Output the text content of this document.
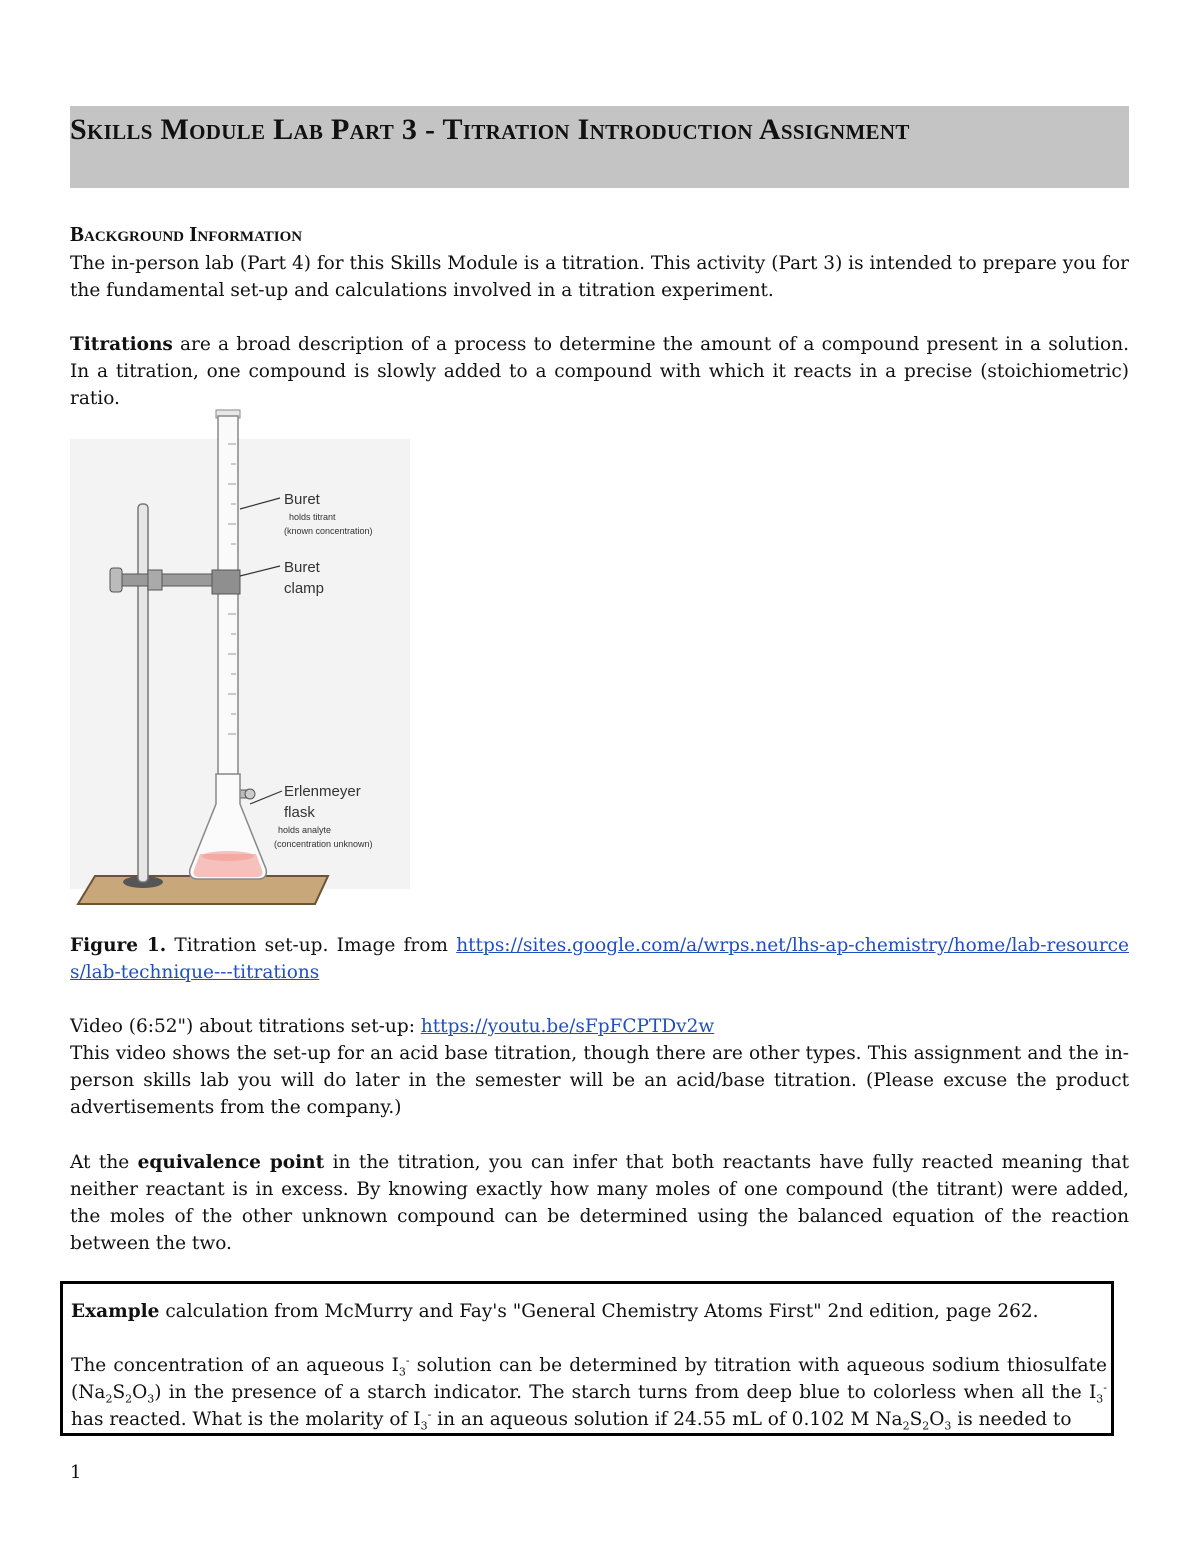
Skills Module Lab Part 3 - Titration Introduction Assignment
Background Information

The in-person lab (Part 4) for this Skills Module is a titration. This activity (Part 3) is intended to prepare you for the fundamental set-up and calculations involved in a titration experiment.

Titrations are a broad description of a process to determine the amount of a compound present in a solution. In a titration, one compound is slowly added to a compound with which it reacts in a precise (stoichiometric) ratio.

Buret
holds titrant
(known concentration)
Buret
clamp
Erlenmeyer
flask
holds analyte
(concentration unknown)

Figure 1. Titration set-up. Image from https://sites.google.com/a/wrps.net/lhs-ap-chemistry/home/lab-resources/lab-technique---titrations

Video (6:52") about titrations set-up: https://youtu.be/sFpFCPTDv2w

This video shows the set-up for an acid base titration, though there are other types. This assignment and the in-person skills lab you will do later in the semester will be an acid/base titration. (Please excuse the product advertisements from the company.)

At the equivalence point in the titration, you can infer that both reactants have fully reacted meaning that neither reactant is in excess. By knowing exactly how many moles of one compound (the titrant) were added, the moles of the other unknown compound can be determined using the balanced equation of the reaction between the two.

Example calculation from McMurry and Fay's "General Chemistry Atoms First" 2nd edition, page 262.

The concentration of an aqueous $I_3^-$ solution can be determined by titration with aqueous sodium thiosulfate $(Na_2S_2O_3)$ in the presence of a starch indicator. The starch turns from deep blue to colorless when all the $I_3^-$ has reacted. What is the molarity of $I_3^-$ in an aqueous solution if 24.55 mL of 0.102 M $Na_2S_2O_3$ is needed to

1
